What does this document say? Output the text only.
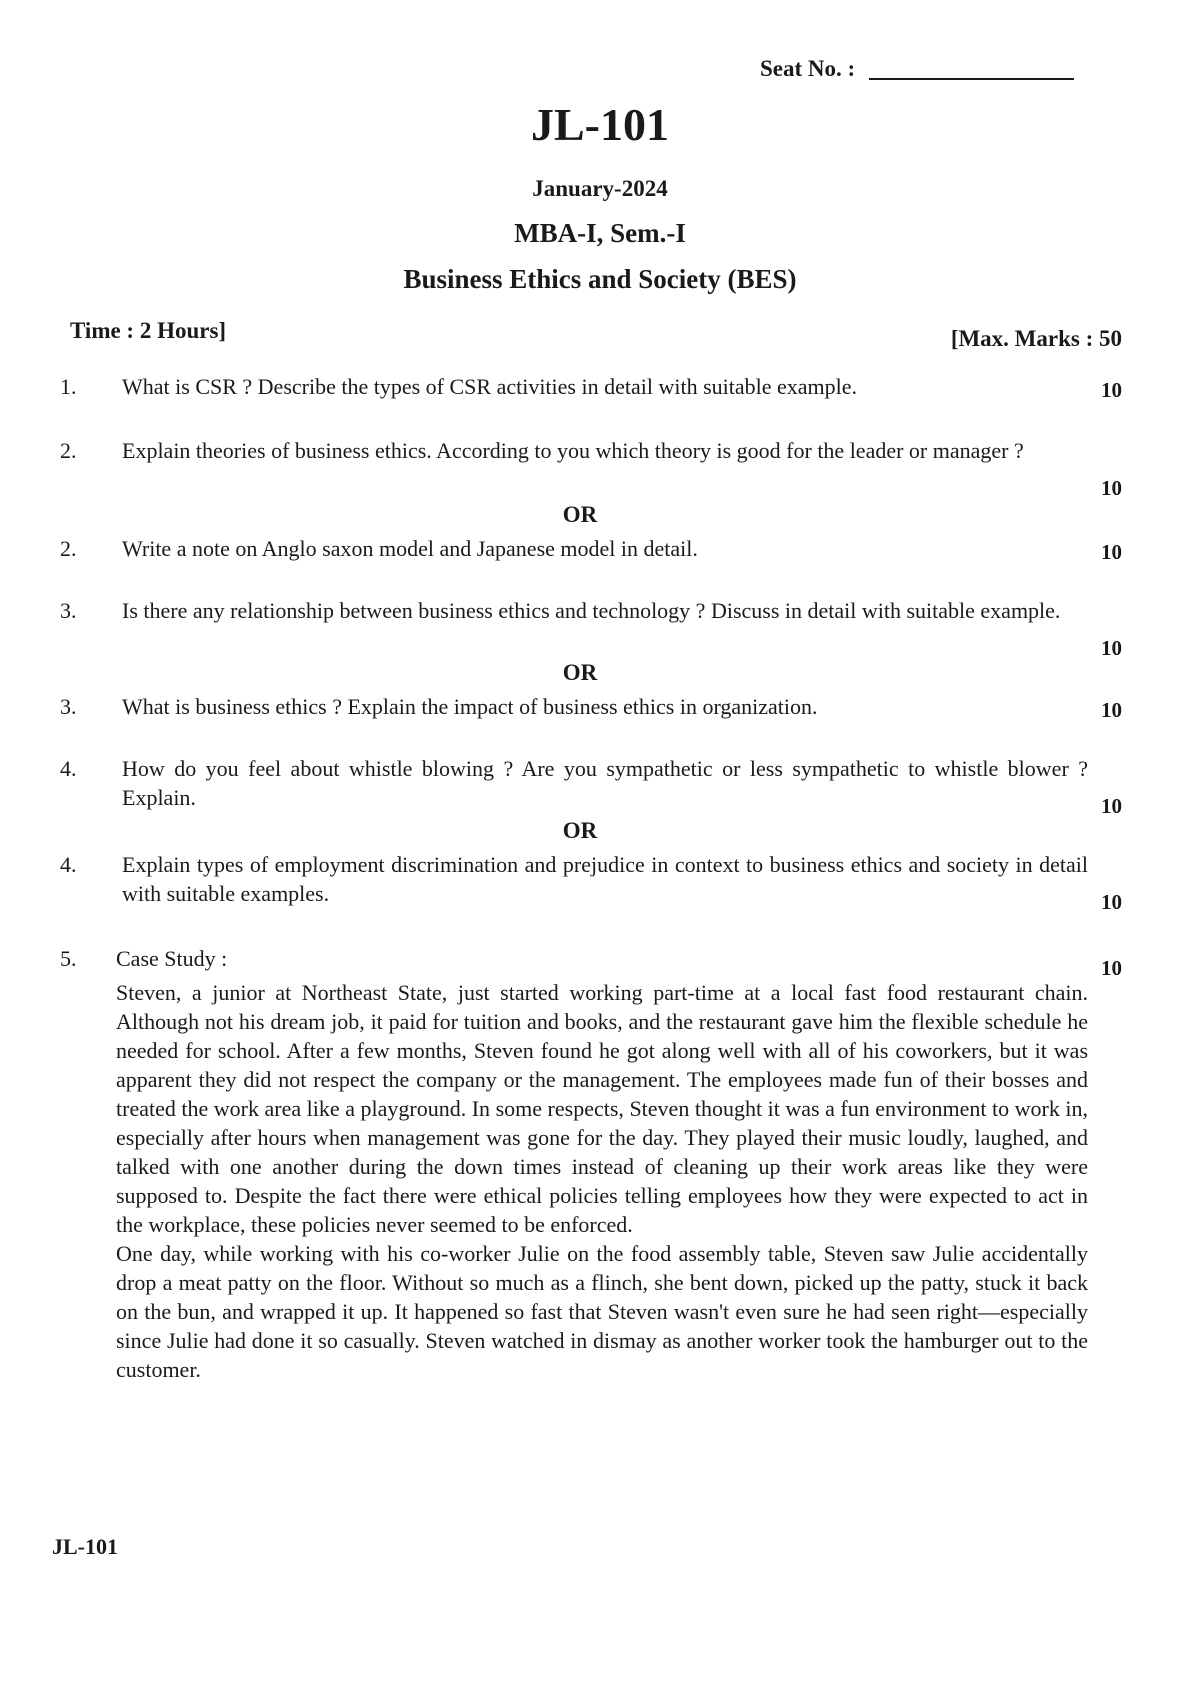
Seat No. :
JL-101
January-2024
MBA-I, Sem.-I
Business Ethics and Society (BES)
Time : 2 Hours]	[Max. Marks : 50
1. What is CSR ? Describe the types of CSR activities in detail with suitable example.	10
2. Explain theories of business ethics. According to you which theory is good for the leader or manager ?
10
OR
2. Write a note on Anglo saxon model and Japanese model in detail.	10
3. Is there any relationship between business ethics and technology ? Discuss in detail with suitable example.
10
OR
3. What is business ethics ? Explain the impact of business ethics in organization.	10
4. How do you feel about whistle blowing ? Are you sympathetic or less sympathetic to whistle blower ? Explain.	10
OR
4. Explain types of employment discrimination and prejudice in context to business ethics and society in detail with suitable examples.	10
5. Case Study :	10

Steven, a junior at Northeast State, just started working part-time at a local fast food restaurant chain. Although not his dream job, it paid for tuition and books, and the restaurant gave him the flexible schedule he needed for school. After a few months, Steven found he got along well with all of his coworkers, but it was apparent they did not respect the company or the management. The employees made fun of their bosses and treated the work area like a playground. In some respects, Steven thought it was a fun environment to work in, especially after hours when management was gone for the day. They played their music loudly, laughed, and talked with one another during the down times instead of cleaning up their work areas like they were supposed to. Despite the fact there were ethical policies telling employees how they were expected to act in the workplace, these policies never seemed to be enforced.

One day, while working with his co-worker Julie on the food assembly table, Steven saw Julie accidentally drop a meat patty on the floor. Without so much as a flinch, she bent down, picked up the patty, stuck it back on the bun, and wrapped it up. It happened so fast that Steven wasn't even sure he had seen right—especially since Julie had done it so casually. Steven watched in dismay as another worker took the hamburger out to the customer.

JL-101
